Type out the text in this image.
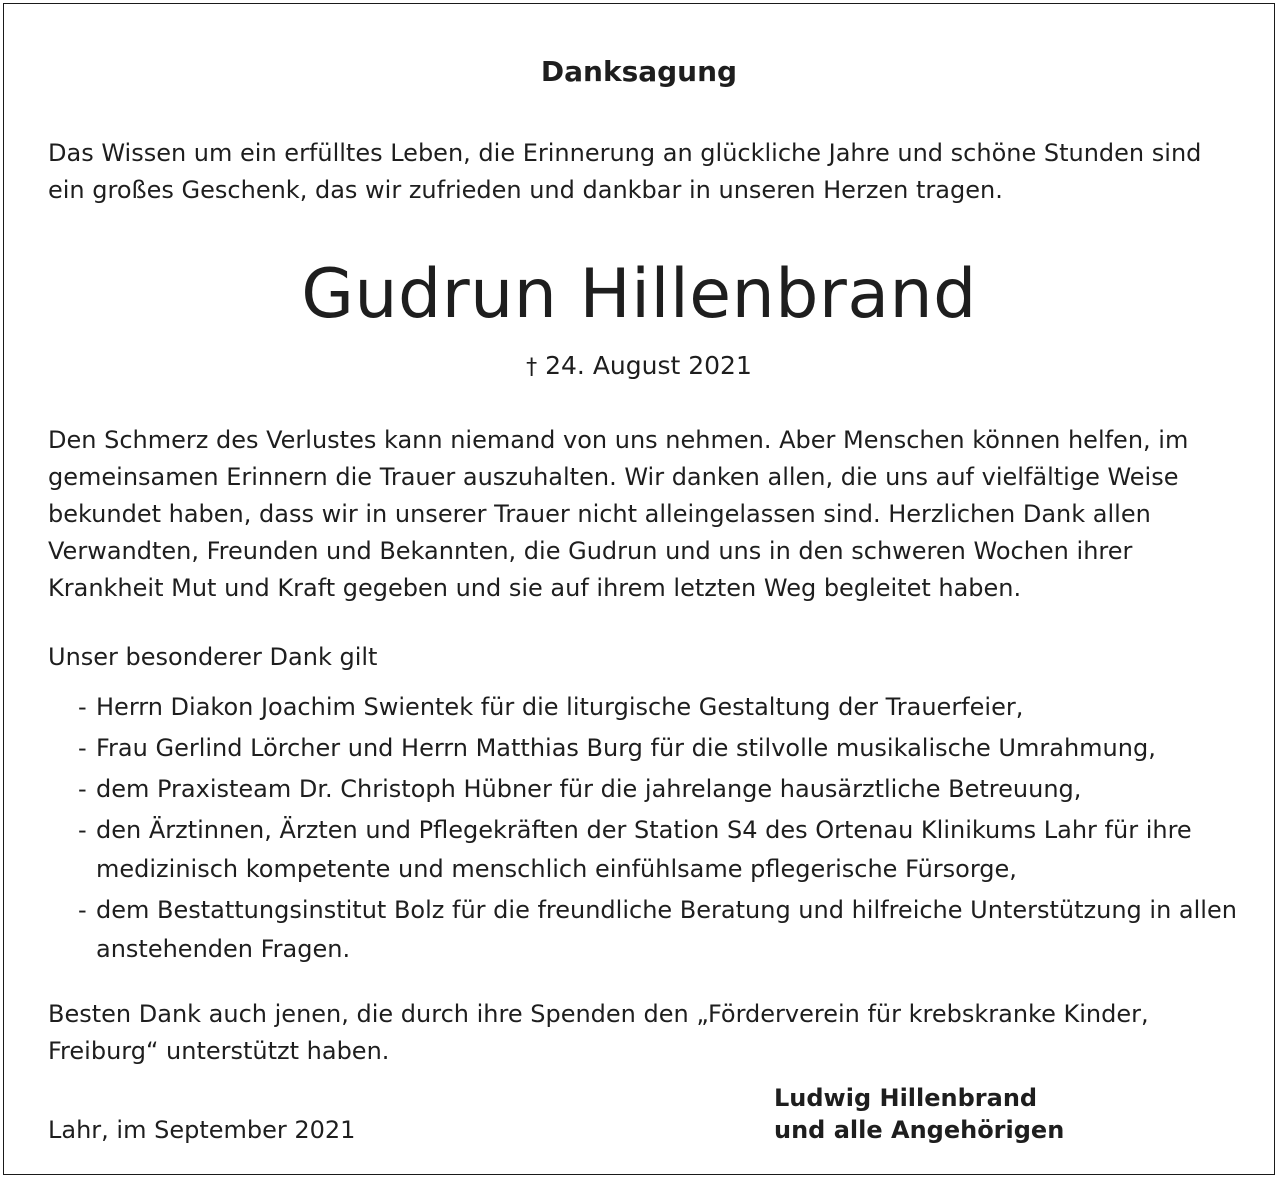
Danksagung

Das Wissen um ein erfülltes Leben, die Erinnerung an glückliche Jahre und schöne Stunden sind ein großes Geschenk, das wir zufrieden und dankbar in unseren Herzen tragen.

Gudrun Hillenbrand
† 24. August 2021

Den Schmerz des Verlustes kann niemand von uns nehmen. Aber Menschen können helfen, im gemeinsamen Erinnern die Trauer auszuhalten. Wir danken allen, die uns auf vielfältige Weise bekundet haben, dass wir in unserer Trauer nicht alleingelassen sind. Herzlichen Dank allen Verwandten, Freunden und Bekannten, die Gudrun und uns in den schweren Wochen ihrer Krankheit Mut und Kraft gegeben und sie auf ihrem letzten Weg begleitet haben.

Unser besonderer Dank gilt

- Herrn Diakon Joachim Swientek für die liturgische Gestaltung der Trauerfeier,
- Frau Gerlind Lörcher und Herrn Matthias Burg für die stilvolle musikalische Umrahmung,
- dem Praxisteam Dr. Christoph Hübner für die jahrelange hausärztliche Betreuung,
- den Ärztinnen, Ärzten und Pflegekräften der Station S4 des Ortenau Klinikums Lahr für ihre medizinisch kompetente und menschlich einfühlsame pflegerische Fürsorge,
- dem Bestattungsinstitut Bolz für die freundliche Beratung und hilfreiche Unterstützung in allen anstehenden Fragen.

Besten Dank auch jenen, die durch ihre Spenden den „Förderverein für krebskranke Kinder, Freiburg“ unterstützt haben.

Lahr, im September 2021
Ludwig Hillenbrand
und alle Angehörigen
